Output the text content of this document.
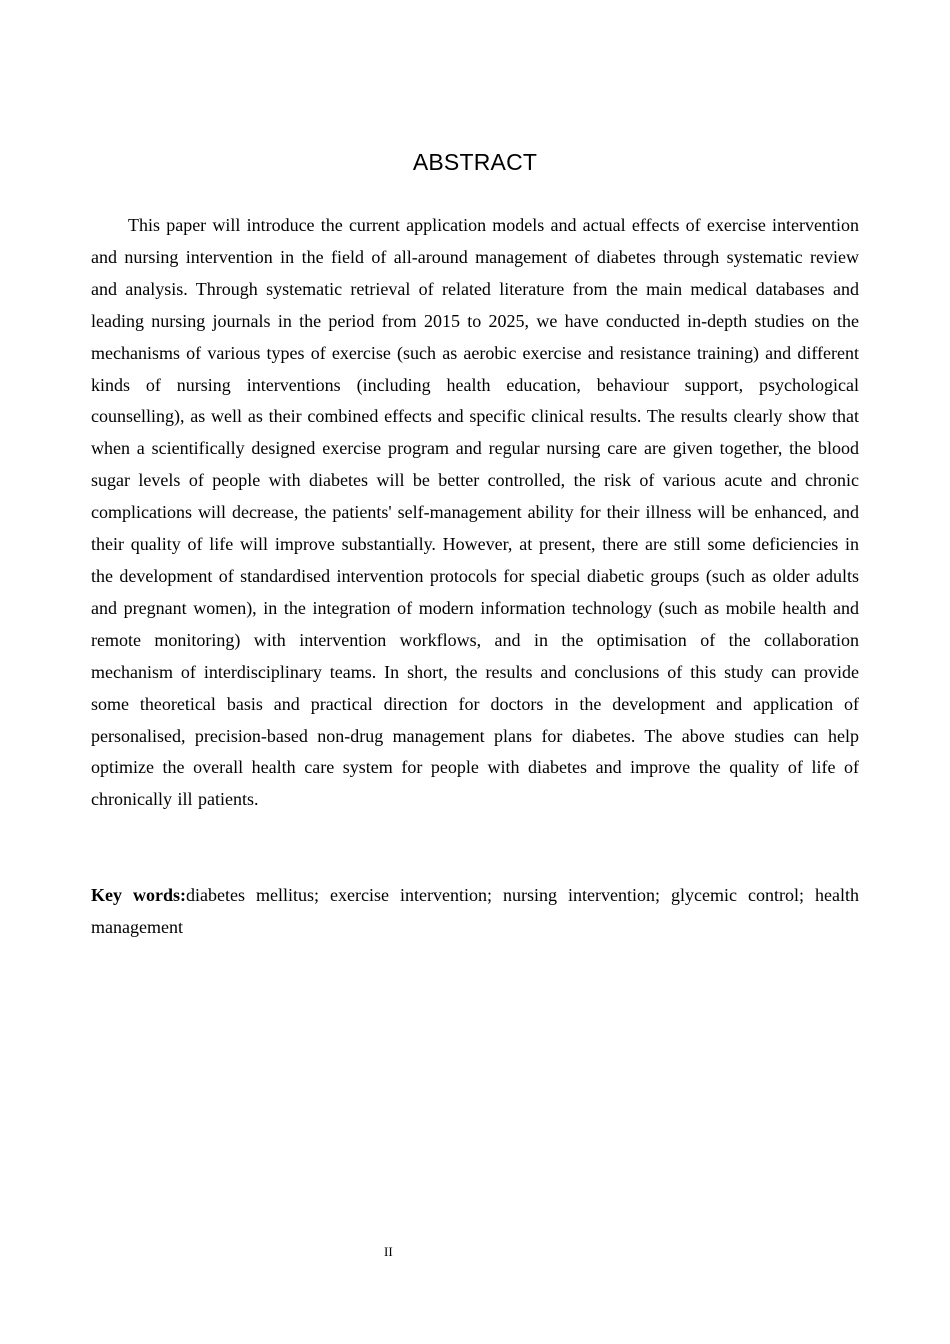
ABSTRACT

This paper will introduce the current application models and actual effects of exercise intervention and nursing intervention in the field of all-around management of diabetes through systematic review and analysis. Through systematic retrieval of related literature from the main medical databases and leading nursing journals in the period from 2015 to 2025, we have conducted in-depth studies on the mechanisms of various types of exercise (such as aerobic exercise and resistance training) and different kinds of nursing interventions (including health education, behaviour support, psychological counselling), as well as their combined effects and specific clinical results. The results clearly show that when a scientifically designed exercise program and regular nursing care are given together, the blood sugar levels of people with diabetes will be better controlled, the risk of various acute and chronic complications will decrease, the patients' self-management ability for their illness will be enhanced, and their quality of life will improve substantially. However, at present, there are still some deficiencies in the development of standardised intervention protocols for special diabetic groups (such as older adults and pregnant women), in the integration of modern information technology (such as mobile health and remote monitoring) with intervention workflows, and in the optimisation of the collaboration mechanism of interdisciplinary teams. In short, the results and conclusions of this study can provide some theoretical basis and practical direction for doctors in the development and application of personalised, precision-based non-drug management plans for diabetes. The above studies can help optimize the overall health care system for people with diabetes and improve the quality of life of chronically ill patients.

Key words:diabetes mellitus; exercise intervention; nursing intervention; glycemic control; health management

II
